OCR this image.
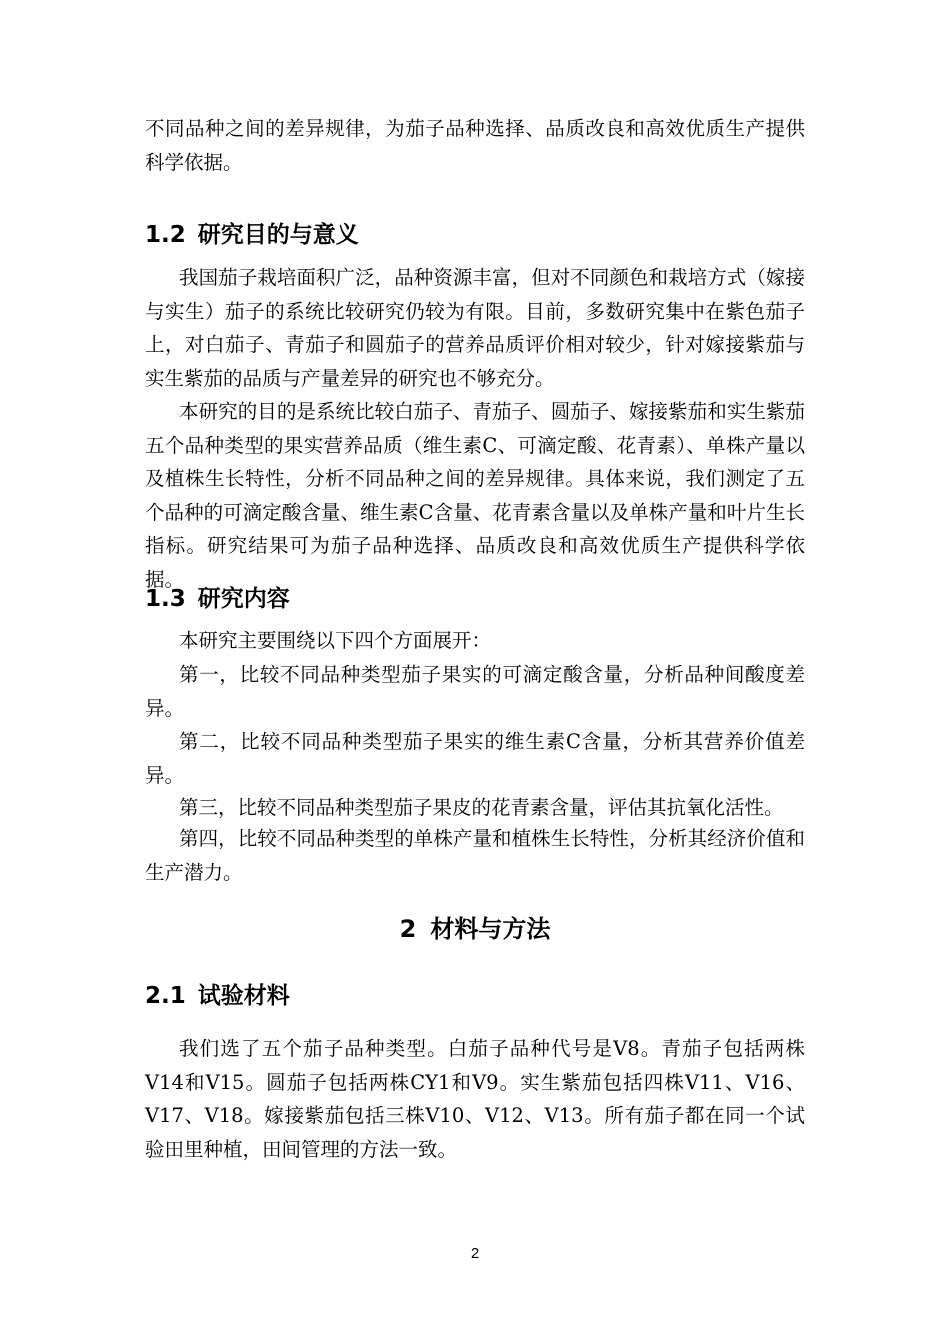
不同品种之间的差异规律，为茄子品种选择、品质改良和高效优质生产提供科学依据。

1.2 研究目的与意义

我国茄子栽培面积广泛，品种资源丰富，但对不同颜色和栽培方式（嫁接与实生）茄子的系统比较研究仍较为有限。目前，多数研究集中在紫色茄子上，对白茄子、青茄子和圆茄子的营养品质评价相对较少，针对嫁接紫茄与实生紫茄的品质与产量差异的研究也不够充分。

本研究的目的是系统比较白茄子、青茄子、圆茄子、嫁接紫茄和实生紫茄五个品种类型的果实营养品质（维生素C、可滴定酸、花青素）、单株产量以及植株生长特性，分析不同品种之间的差异规律。具体来说，我们测定了五个品种的可滴定酸含量、维生素C含量、花青素含量以及单株产量和叶片生长指标。研究结果可为茄子品种选择、品质改良和高效优质生产提供科学依据。

1.3 研究内容

本研究主要围绕以下四个方面展开：

第一，比较不同品种类型茄子果实的可滴定酸含量，分析品种间酸度差异。

第二，比较不同品种类型茄子果实的维生素C含量，分析其营养价值差异。

第三，比较不同品种类型茄子果皮的花青素含量，评估其抗氧化活性。

第四，比较不同品种类型的单株产量和植株生长特性，分析其经济价值和生产潜力。

2 材料与方法
2.1 试验材料

我们选了五个茄子品种类型。白茄子品种代号是V8。青茄子包括两株V14和V15。圆茄子包括两株CY1和V9。实生紫茄包括四株V11、V16、V17、V18。嫁接紫茄包括三株V10、V12、V13。所有茄子都在同一个试验田里种植，田间管理的方法一致。

2
